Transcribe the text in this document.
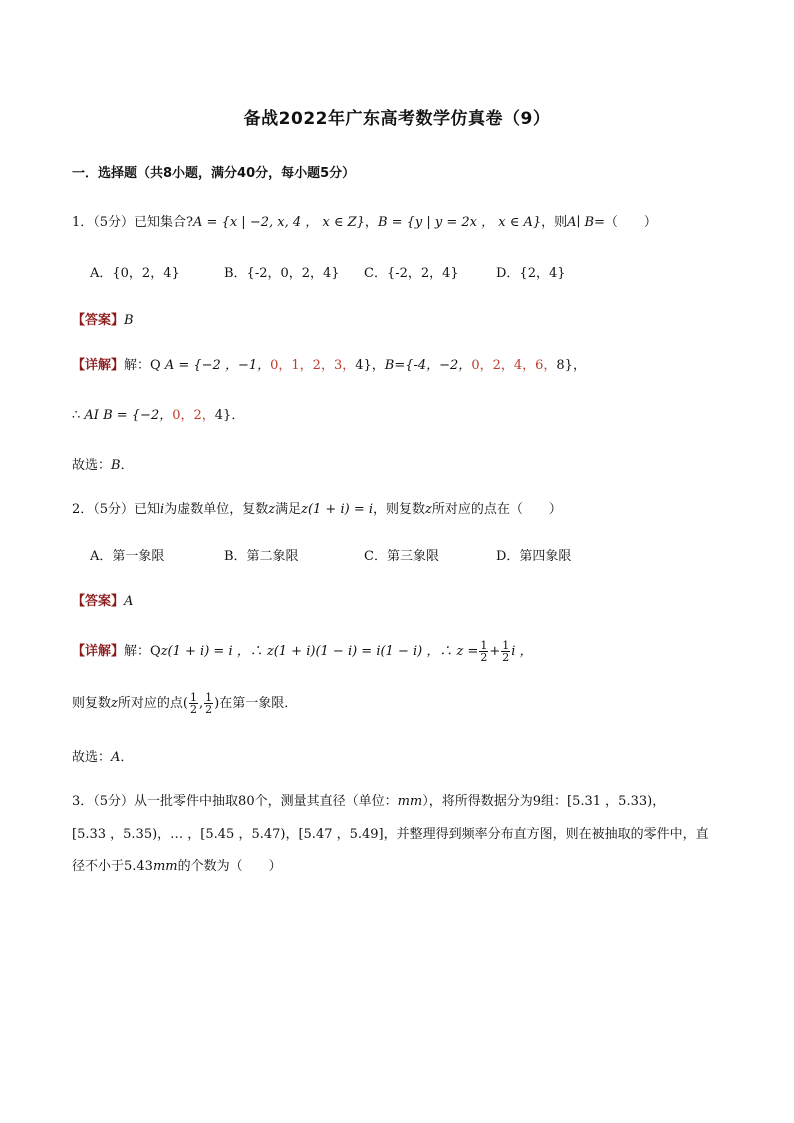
备战2022年广东高考数学仿真卷（9）
一．选择题（共8小题，满分40分，每小题5分）
1．（5分）已知集合?A = {x | −2, x, 4 ， x ∈ Z}，B = {y | y = 2x ， x ∈ A}，则A∣ B=（　　）
A．{0，2，4}	B．{-2，0，2，4} C．{-2，2，4}	D．{2，4}
【答案】B
【详解】解：Q A = {−2 ，−1，0，1，2，3，4}，B={-4，−2，0，2，4，6，8}，
∴ AI B = {−2，0，2，4}．
故选：B．
2．（5分）已知i为虚数单位，复数z满足z(1 + i) = i，则复数z所对应的点在（　　）
A．第一象限	B．第二象限	C．第三象限	D．第四象限
【答案】A
【详解】解：Qz(1 + i) = i ，∴ z(1 + i)(1 − i) = i(1 − i) ，∴ $z = \frac{1}{2} + \frac{1}{2}$ i ，
则复数z所对应的点( $\frac{1}{2}$ , $\frac{1}{2}$ )在第一象限．
故选：A．
3．（5分）从一批零件中抽取80个，测量其直径（单位：mm），将所得数据分为9组：[5.31 ，5.33)，
[5.33 ，5.35)，… ，[5.45 ，5.47)，[5.47 ，5.49]，并整理得到频率分布直方图，则在被抽取的零件中，直
径不小于5.43mm的个数为（　　）
